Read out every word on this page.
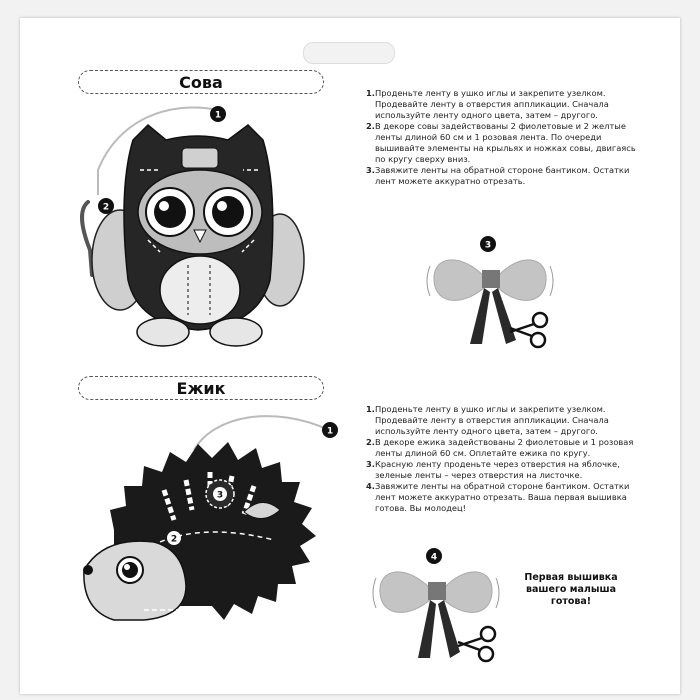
Сова
1
2
1. Проденьте ленту в ушко иглы и закрепите узелком. Продевайте ленту в отверстия аппликации. Сначала используйте ленту одного цвета, затем – другого.
2. В декоре совы задействованы 2 фиолетовые и 2 желтые ленты длиной 60 см и 1 розовая лента. По очереди вышивайте элементы на крыльях и ножках совы, двигаясь по кругу сверху вниз.
3. Завяжите ленты на обратной стороне бантиком. Остатки лент можете аккуратно отрезать.
3
Ежик
1
3
2
1. Проденьте ленту в ушко иглы и закрепите узелком. Продевайте ленту в отверстия аппликации. Сначала используйте ленту одного цвета, затем – другого.
2. В декоре ежика задействованы 2 фиолетовые и 1 розовая ленты длиной 60 см. Оплетайте ежика по кругу.
3. Красную ленту проденьте через отверстия на яблочке, зеленые ленты – через отверстия на листочке.
4. Завяжите ленты на обратной стороне бантиком. Остатки лент можете аккуратно отрезать. Ваша первая вышивка готова. Вы молодец!
4
Первая вышивка вашего малыша готова!
